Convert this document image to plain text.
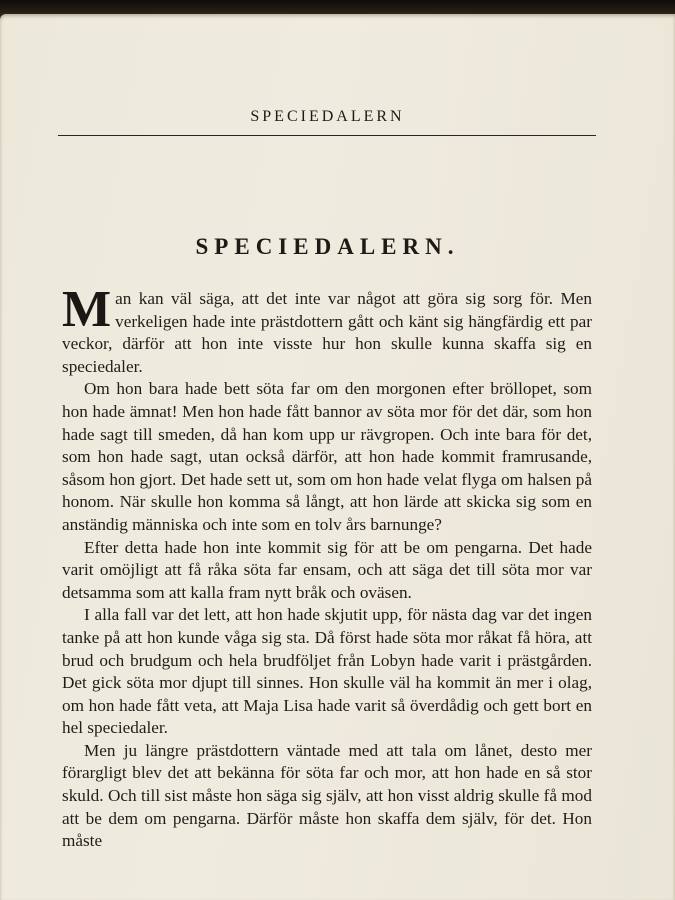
SPECIEDALERN
SPECIEDALERN.

Man kan väl säga, att det inte var något att göra sig sorg för. Men verkeligen hade inte prästdottern gått och känt sig hängfärdig ett par veckor, därför att hon inte visste hur hon skulle kunna skaffa sig en speciedaler.

Om hon bara hade bett söta far om den morgonen efter bröllopet, som hon hade ämnat! Men hon hade fått bannor av söta mor för det där, som hon hade sagt till smeden, då han kom upp ur rävgropen. Och inte bara för det, som hon hade sagt, utan också därför, att hon hade kommit framrusande, såsom hon gjort. Det hade sett ut, som om hon hade velat flyga om halsen på honom. När skulle hon komma så långt, att hon lärde att skicka sig som en anständig människa och inte som en tolv års barnunge?

Efter detta hade hon inte kommit sig för att be om pengarna. Det hade varit omöjligt att få råka söta far ensam, och att säga det till söta mor var detsamma som att kalla fram nytt bråk och oväsen.

I alla fall var det lett, att hon hade skjutit upp, för nästa dag var det ingen tanke på att hon kunde våga sig sta. Då först hade söta mor råkat få höra, att brud och brudgum och hela brudföljet från Lobyn hade varit i prästgården. Det gick söta mor djupt till sinnes. Hon skulle väl ha kommit än mer i olag, om hon hade fått veta, att Maja Lisa hade varit så överdådig och gett bort en hel speciedaler.

Men ju längre prästdottern väntade med att tala om lånet, desto mer förargligt blev det att bekänna för söta far och mor, att hon hade en så stor skuld. Och till sist måste hon säga sig själv, att hon visst aldrig skulle få mod att be dem om pengarna. Därför måste hon skaffa dem själv, för det. Hon måste
